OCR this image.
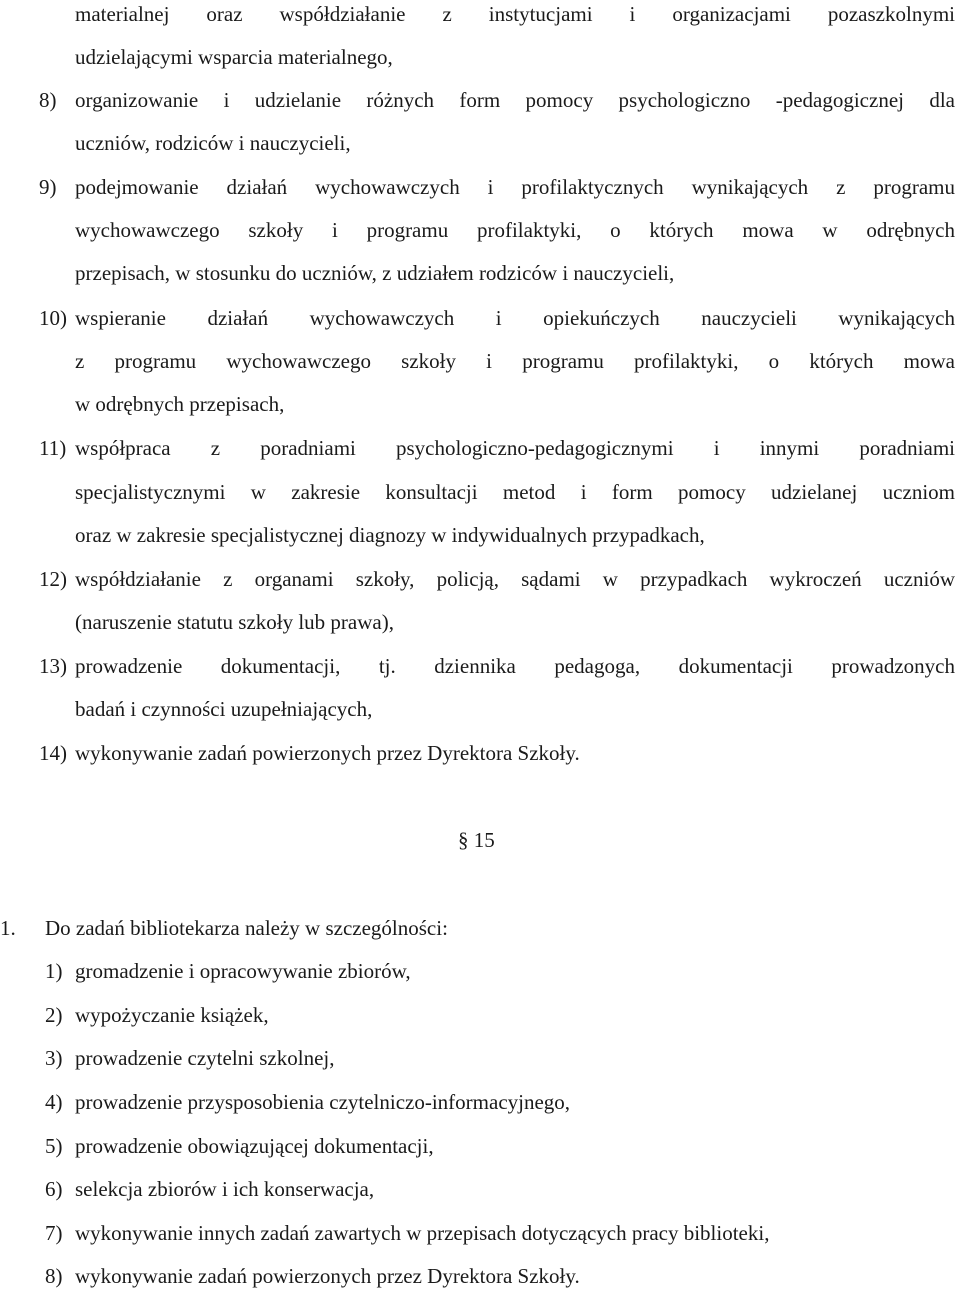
materialnej oraz współdziałanie z instytucjami i organizacjami pozaszkolnymi
udzielającymi wsparcia materialnego,
8) organizowanie i udzielanie różnych form pomocy psychologiczno -pedagogicznej dla
uczniów, rodziców i nauczycieli,
9) podejmowanie działań wychowawczych i profilaktycznych wynikających z programu
wychowawczego szkoły i programu profilaktyki, o których mowa w odrębnych
przepisach, w stosunku do uczniów, z udziałem rodziców i nauczycieli,
10) wspieranie działań wychowawczych i opiekuńczych nauczycieli wynikających
z programu wychowawczego szkoły i programu profilaktyki, o których mowa
w odrębnych przepisach,
11) współpraca z poradniami psychologiczno-pedagogicznymi i innymi poradniami
specjalistycznymi w zakresie konsultacji metod i form pomocy udzielanej uczniom
oraz w zakresie specjalistycznej diagnozy w indywidualnych przypadkach,
12) współdziałanie z organami szkoły, policją, sądami w przypadkach wykroczeń uczniów
(naruszenie statutu szkoły lub prawa),
13) prowadzenie dokumentacji, tj. dziennika pedagoga, dokumentacji prowadzonych
badań i czynności uzupełniających,
14) wykonywanie zadań powierzonych przez Dyrektora Szkoły.
§ 15
1. Do zadań bibliotekarza należy w szczególności:
1) gromadzenie i opracowywanie zbiorów,
2) wypożyczanie książek,
3) prowadzenie czytelni szkolnej,
4) prowadzenie przysposobienia czytelniczo-informacyjnego,
5) prowadzenie obowiązującej dokumentacji,
6) selekcja zbiorów i ich konserwacja,
7) wykonywanie innych zadań zawartych w przepisach dotyczących pracy biblioteki,
8) wykonywanie zadań powierzonych przez Dyrektora Szkoły.
